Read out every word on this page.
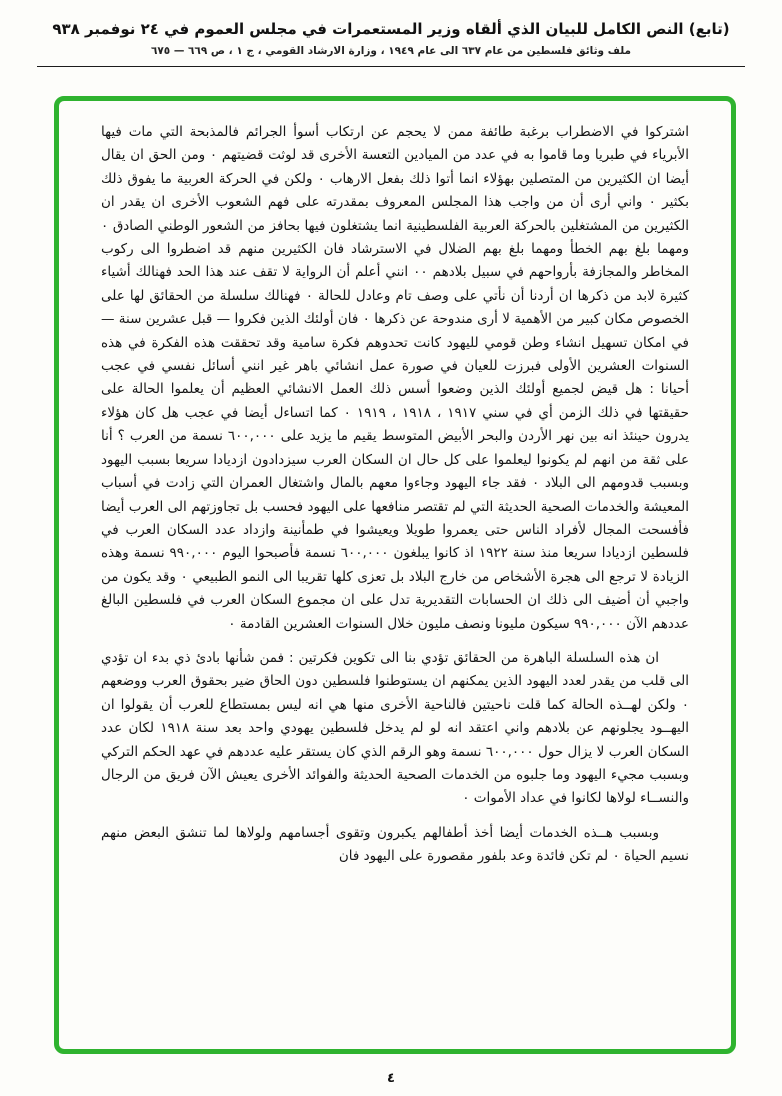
(تابع) النص الكامل للبيان الذي ألقاه وزير المستعمرات في مجلس العموم في ٢٤ نوفمبر ٩٣٨
ملف وثائق فلسطين من عام ٦٣٧ الى عام ١٩٤٩ ، وزارة الارشاد القومي ، ج ١ ، ص ٦٦٩ — ٦٧٥

اشتركوا في الاضطراب برغبة طائفة ممن لا يحجم عن ارتكاب أسوأ الجرائم فالمذبحة التي مات فيها الأبرياء في طبريا وما قاموا به في عدد من الميادين التعسة الأخرى قد لوثت قضيتهم ٠ ومن الحق ان يقال أيضا ان الكثيرين من المتصلين بهؤلاء انما أتوا ذلك بفعل الارهاب ٠ ولكن في الحركة العربية ما يفوق ذلك بكثير ٠ واني أرى أن من واجب هذا المجلس المعروف بمقدرته على فهم الشعوب الأخرى ان يقدر ان الكثيرين من المشتغلين بالحركة العربية الفلسطينية انما يشتغلون فيها بحافز من الشعور الوطني الصادق ٠ ومهما بلغ بهم الخطأ ومهما بلغ بهم الضلال في الاسترشاد فان الكثيرين منهم قد اضطروا الى ركوب المخاطر والمجازفة بأرواحهم في سبيل بلادهم ٠٠ انني أعلم أن الرواية لا تقف عند هذا الحد فهنالك أشياء كثيرة لابد من ذكرها ان أردنا أن نأتي على وصف تام وعادل للحالة ٠ فهنالك سلسلة من الحقائق لها على الخصوص مكان كبير من الأهمية لا أرى مندوحة عن ذكرها ٠ فان أولئك الذين فكروا — قبل عشرين سنة — في امكان تسهيل انشاء وطن قومي لليهود كانت تحدوهم فكرة سامية وقد تحققت هذه الفكرة في هذه السنوات العشرين الأولى فبرزت للعيان في صورة عمل انشائي باهر غير انني أسائل نفسي في عجب أحيانا : هل قيض لجميع أولئك الذين وضعوا أسس ذلك العمل الانشائي العظيم أن يعلموا الحالة على حقيقتها في ذلك الزمن أي في سني ١٩١٧ ، ١٩١٨ ، ١٩١٩ ٠ كما اتساءل أيضا في عجب هل كان هؤلاء يدرون حينئذ انه بين نهر الأردن والبحر الأبيض المتوسط يقيم ما يزيد على ٦٠٠,٠٠٠ نسمة من العرب ؟ أنا على ثقة من انهم لم يكونوا ليعلموا على كل حال ان السكان العرب سيزدادون ازديادا سريعا بسبب اليهود وبسبب قدومهم الى البلاد ٠ فقد جاء اليهود وجاءوا معهم بالمال واشتغال العمران التي زادت في أسباب المعيشة والخدمات الصحية الحديثة التي لم تقتصر منافعها على اليهود فحسب بل تجاوزتهم الى العرب أيضا فأفسحت المجال لأفراد الناس حتى يعمروا طويلا ويعيشوا في طمأنينة وازداد عدد السكان العرب في فلسطين ازديادا سريعا منذ سنة ١٩٢٢ اذ كانوا يبلغون ٦٠٠,٠٠٠ نسمة فأصبحوا اليوم ٩٩٠,٠٠٠ نسمة وهذه الزيادة لا ترجع الى هجرة الأشخاص من خارج البلاد بل تعزى كلها تقريبا الى النمو الطبيعي ٠ وقد يكون من واجبي أن أضيف الى ذلك ان الحسابات التقديرية تدل على ان مجموع السكان العرب في فلسطين البالغ عددهم الآن ٩٩٠,٠٠٠ سيكون مليونا ونصف مليون خلال السنوات العشرين القادمة ٠

ان هذه السلسلة الباهرة من الحقائق تؤدي بنا الى تكوين فكرتين : فمن شأنها بادئ ذي بدء ان تؤدي الى قلب من يقدر لعدد اليهود الذين يمكنهم ان يستوطنوا فلسطين دون الحاق ضير بحقوق العرب ووضعهم ٠ ولكن لهــذه الحالة كما قلت ناحيتين فالناحية الأخرى منها هي انه ليس بمستطاع للعرب أن يقولوا ان اليهــود يجلونهم عن بلادهم واني اعتقد انه لو لم يدخل فلسطين يهودي واحد بعد سنة ١٩١٨ لكان عدد السكان العرب لا يزال حول ٦٠٠,٠٠٠ نسمة وهو الرقم الذي كان يستقر عليه عددهم في عهد الحكم التركي وبسبب مجيء اليهود وما جلبوه من الخدمات الصحية الحديثة والفوائد الأخرى يعيش الآن فريق من الرجال والنســاء لولاها لكانوا في عداد الأموات ٠

وبسبب هــذه الخدمات أيضا أخذ أطفالهم يكبرون وتقوى أجسامهم ولولاها لما تنشق البعض منهم نسيم الحياة ٠ لم تكن فائدة وعد بلفور مقصورة على اليهود فان

٤
